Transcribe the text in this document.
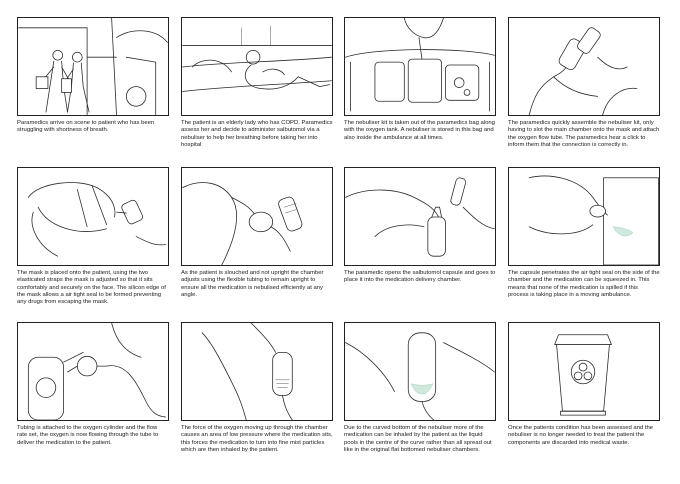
Paramedics arrive on scene to patient who has been struggling with shortness of breath.

The patient is an elderly lady who has COPD. Paramedics assess her and decide to administer salbutomol via a nebuliser to help her breathing before taking her into hospital

The nebuliser kit is taken out of the paramedics bag along with the oxygen tank. A nebuliser is stored in this bag and also inside the ambulance at all times.

The paramedics quickly assemble the nebuliser kit, only having to slot the main chamber onto the mask and attach the oxygen flow tube. The paramedics hear a click to inform them that the connection is correctly in.

The mask is placed onto the patient, using the two elasticated straps the mask is adjusted so that it sits comfortably and securely on the face. The silicon edge of the mask allows a air tight seal to be formed preventing any drugs from escaping the mask.

As the patient is slouched and not upright the chamber adjusts using the flexible tubing to remain upright to ensure all the medication is nebulised efficiently at any angle.

The paramedic opens the salbutomol capsule and goes to place it into the medication delivery chamber.

The capsule penetrates the air tight seal on the side of the chamber and the medication can be squeezed in. This means that none of the medication is spilled if this process is taking place in a moving ambulance.

Tubing is attached to the oxygen cylinder and the flow rate set, the oxygen is now flowing through the tube to deliver the medication to the patient.

The force of the oxygen moving up through the chamber causes an area of low pressure where the medication sits, this forces the medication to turn into fine mist particles which are then inhaled by the patient.

Due to the curved bottom of the nebuliser more of the medication can be inhaled by the patient as the liquid pools in the centre of the curve rather than all spread out like in the original flat bottomed nebuliser chambers.

Once the patients condition has been assessed and the nebuliser is no longer needed to treat the patient the components are discarded into medical waste.
